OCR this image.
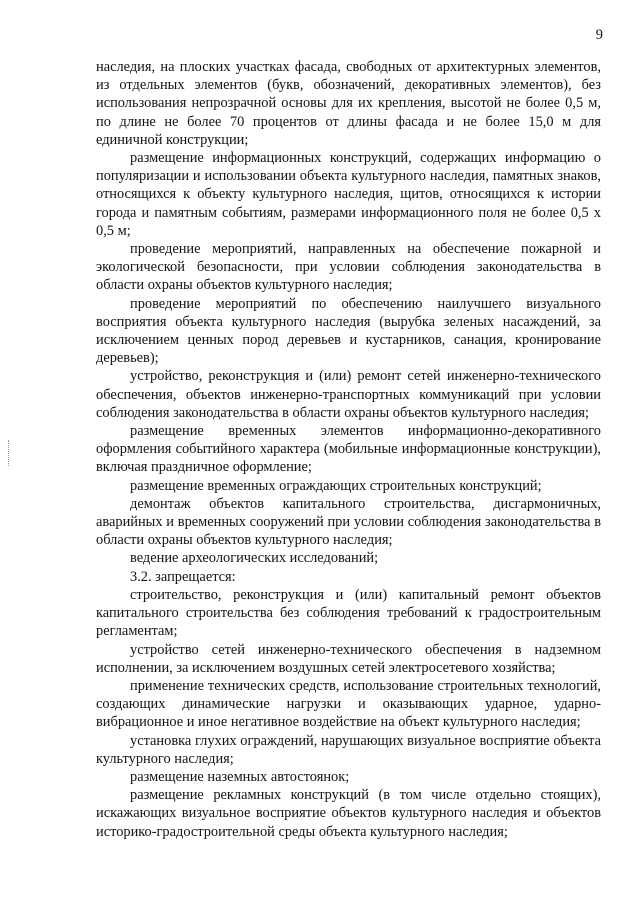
9

наследия, на плоских участках фасада, свободных от архитектурных элементов, из отдельных элементов (букв, обозначений, декоративных элементов), без использования непрозрачной основы для их крепления, высотой не более 0,5 м, по длине не более 70 процентов от длины фасада и не более 15,0 м для единичной конструкции;

размещение информационных конструкций, содержащих информацию о популяризации и использовании объекта культурного наследия, памятных знаков, относящихся к объекту культурного наследия, щитов, относящихся к истории города и памятным событиям, размерами информационного поля не более 0,5 х 0,5 м;

проведение мероприятий, направленных на обеспечение пожарной и экологической безопасности, при условии соблюдения законодательства в области охраны объектов культурного наследия;

проведение мероприятий по обеспечению наилучшего визуального восприятия объекта культурного наследия (вырубка зеленых насаждений, за исключением ценных пород деревьев и кустарников, санация, кронирование деревьев);

устройство, реконструкция и (или) ремонт сетей инженерно-технического обеспечения, объектов инженерно-транспортных коммуникаций при условии соблюдения законодательства в области охраны объектов культурного наследия;

размещение временных элементов информационно-декоративного оформления событийного характера (мобильные информационные конструкции), включая праздничное оформление;

размещение временных ограждающих строительных конструкций;

демонтаж объектов капитального строительства, дисгармоничных, аварийных и временных сооружений при условии соблюдения законодательства в области охраны объектов культурного наследия;

ведение археологических исследований;

3.2. запрещается:

строительство, реконструкция и (или) капитальный ремонт объектов капитального строительства без соблюдения требований к градостроительным регламентам;

устройство сетей инженерно-технического обеспечения в надземном исполнении, за исключением воздушных сетей электросетевого хозяйства;

применение технических средств, использование строительных технологий, создающих динамические нагрузки и оказывающих ударное, ударно-вибрационное и иное негативное воздействие на объект культурного наследия;

установка глухих ограждений, нарушающих визуальное восприятие объекта культурного наследия;

размещение наземных автостоянок;

размещение рекламных конструкций (в том числе отдельно стоящих), искажающих визуальное восприятие объектов культурного наследия и объектов историко-градостроительной среды объекта культурного наследия;
